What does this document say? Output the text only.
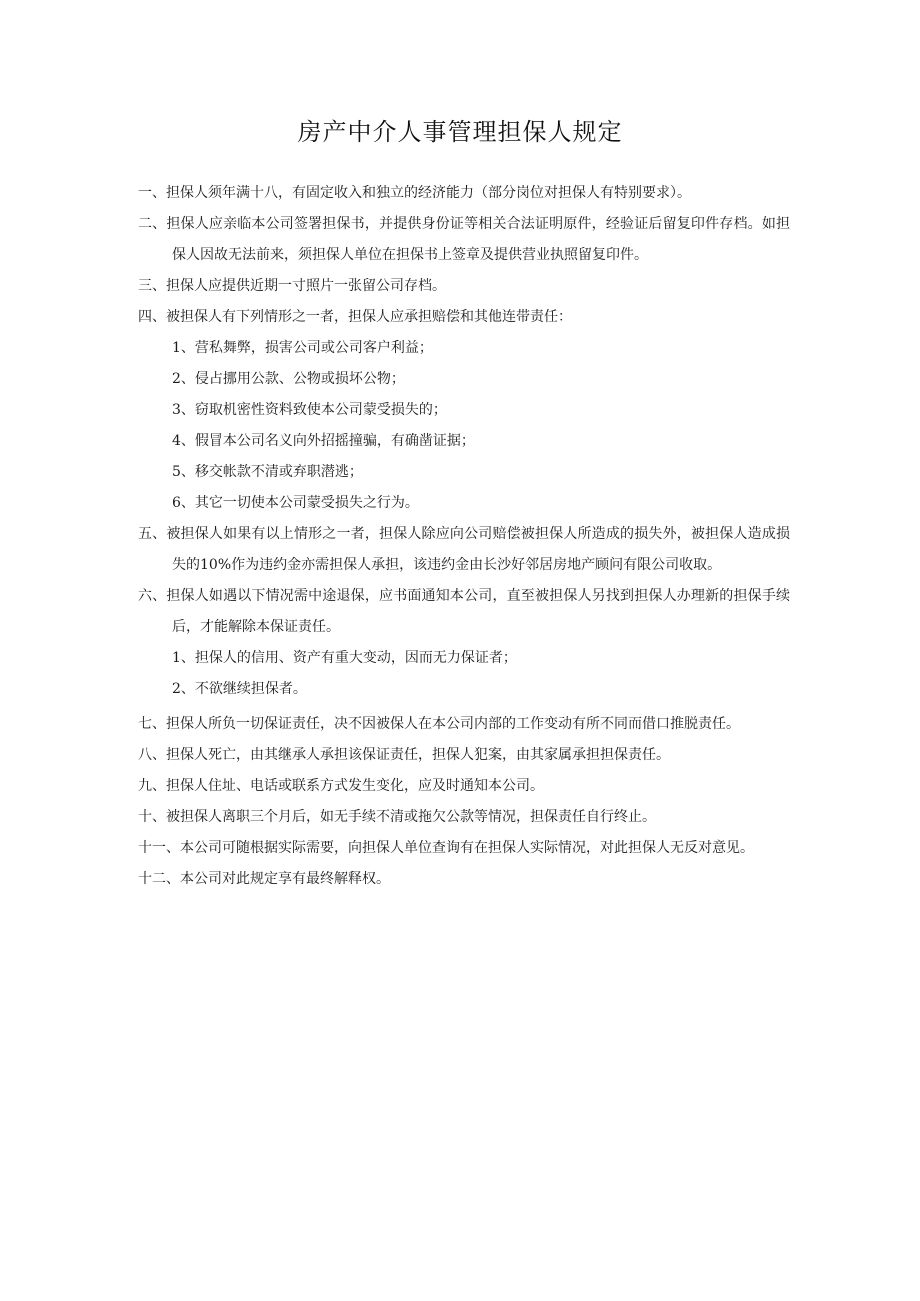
房产中介人事管理担保人规定

一、担保人须年满十八，有固定收入和独立的经济能力（部分岗位对担保人有特别要求）。

二、担保人应亲临本公司签署担保书，并提供身份证等相关合法证明原件，经验证后留复印件存档。如担保人因故无法前来，须担保人单位在担保书上签章及提供营业执照留复印件。

三、担保人应提供近期一寸照片一张留公司存档。

四、被担保人有下列情形之一者，担保人应承担赔偿和其他连带责任：

1、营私舞弊，损害公司或公司客户利益；

2、侵占挪用公款、公物或损坏公物；

3、窃取机密性资料致使本公司蒙受损失的；

4、假冒本公司名义向外招摇撞骗，有确凿证据；

5、移交帐款不清或弃职潜逃；

6、其它一切使本公司蒙受损失之行为。

五、被担保人如果有以上情形之一者，担保人除应向公司赔偿被担保人所造成的损失外，被担保人造成损失的10%作为违约金亦需担保人承担，该违约金由长沙好邻居房地产顾问有限公司收取。

六、担保人如遇以下情况需中途退保，应书面通知本公司，直至被担保人另找到担保人办理新的担保手续后，才能解除本保证责任。

1、担保人的信用、资产有重大变动，因而无力保证者；

2、不欲继续担保者。

七、担保人所负一切保证责任，决不因被保人在本公司内部的工作变动有所不同而借口推脱责任。

八、担保人死亡，由其继承人承担该保证责任，担保人犯案，由其家属承担担保责任。

九、担保人住址、电话或联系方式发生变化，应及时通知本公司。

十、被担保人离职三个月后，如无手续不清或拖欠公款等情况，担保责任自行终止。

十一、本公司可随根据实际需要，向担保人单位查询有在担保人实际情况，对此担保人无反对意见。

十二、本公司对此规定享有最终解释权。
